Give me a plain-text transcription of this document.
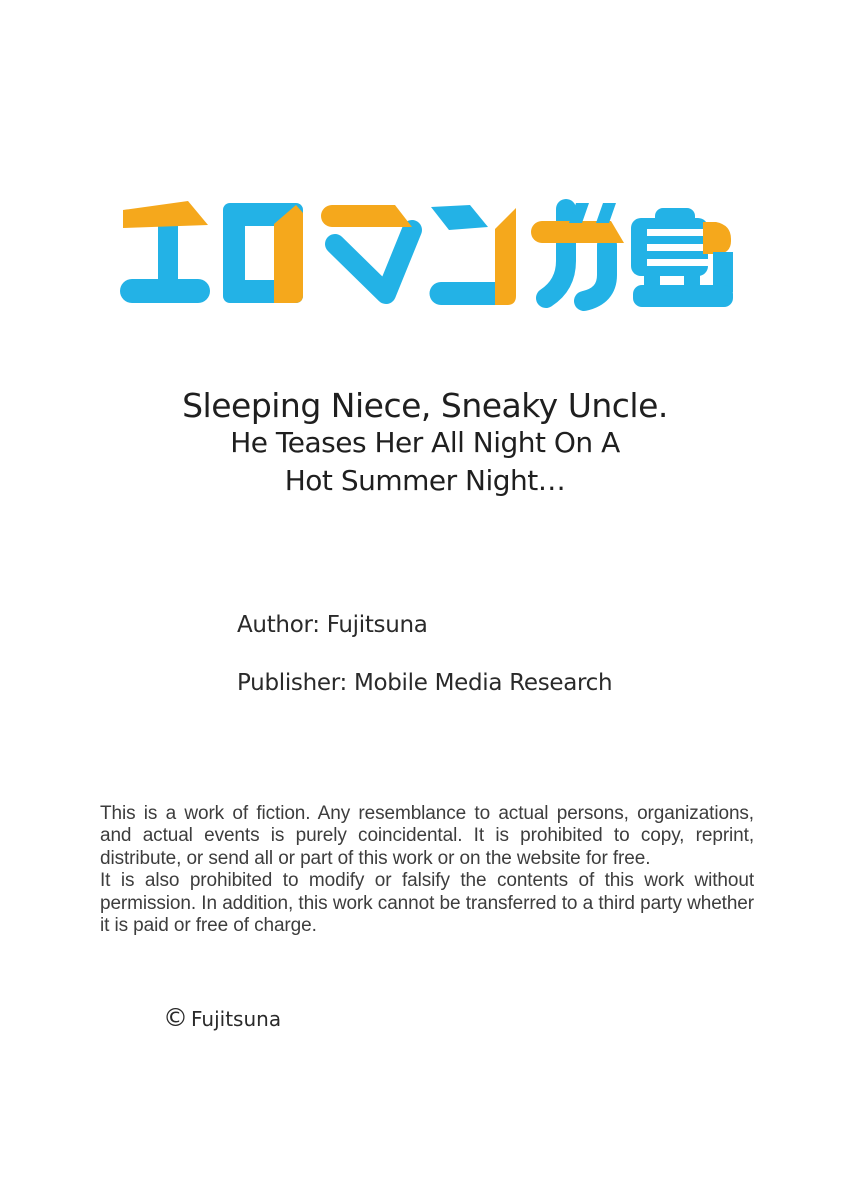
Sleeping Niece, Sneaky Uncle.
He Teases Her All Night On A
Hot Summer Night…
Author: Fujitsuna
Publisher: Mobile Media Research

This is a work of fiction. Any resemblance to actual persons, organizations, and actual events is purely coincidental. It is prohibited to copy, reprint, distribute, or send all or part of this work or on the website for free.

It is also prohibited to modify or falsify the contents of this work without permission. In addition, this work cannot be transferred to a third party whether it is paid or free of charge.

© Fujitsuna
